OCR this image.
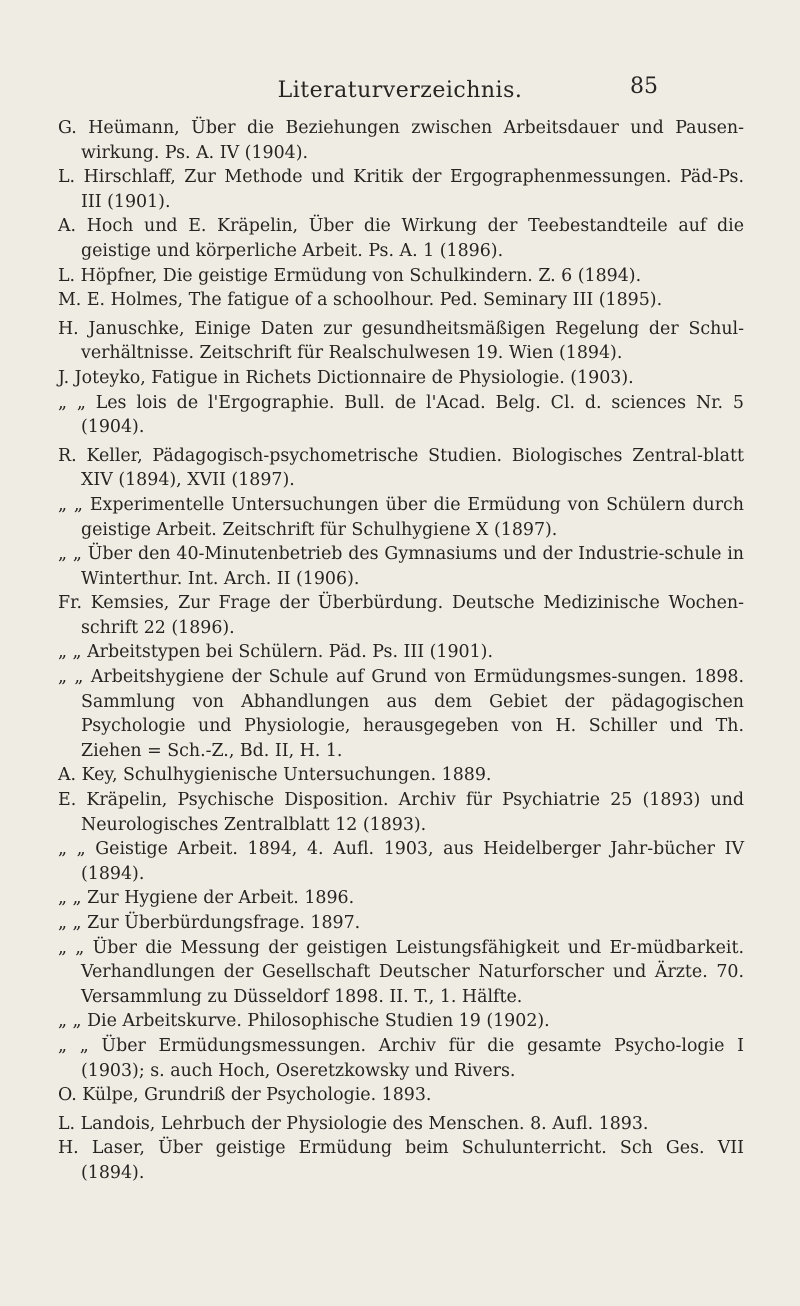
Literaturverzeichnis.	85

G. Heümann, Über die Beziehungen zwischen Arbeitsdauer und Pausen-wirkung. Ps. A. IV (1904).

L. Hirschlaff, Zur Methode und Kritik der Ergographenmessungen. Päd-Ps. III (1901).

A. Hoch und E. Kräpelin, Über die Wirkung der Teebestandteile auf die geistige und körperliche Arbeit. Ps. A. 1 (1896).

L. Höpfner, Die geistige Ermüdung von Schulkindern. Z. 6 (1894).

M. E. Holmes, The fatigue of a schoolhour. Ped. Seminary III (1895).

H. Januschke, Einige Daten zur gesundheitsmäßigen Regelung der Schul-verhältnisse. Zeitschrift für Realschulwesen 19. Wien (1894).

J. Joteyko, Fatigue in Richets Dictionnaire de Physiologie. (1903).

„ „ Les lois de l'Ergographie. Bull. de l'Acad. Belg. Cl. d. sciences Nr. 5 (1904).

R. Keller, Pädagogisch-psychometrische Studien. Biologisches Zentral-blatt XIV (1894), XVII (1897).

„ „ Experimentelle Untersuchungen über die Ermüdung von Schülern durch geistige Arbeit. Zeitschrift für Schulhygiene X (1897).

„ „ Über den 40-Minutenbetrieb des Gymnasiums und der Industrie-schule in Winterthur. Int. Arch. II (1906).

Fr. Kemsies, Zur Frage der Überbürdung. Deutsche Medizinische Wochen-schrift 22 (1896).

„ „ Arbeitstypen bei Schülern. Päd. Ps. III (1901).

„ „ Arbeitshygiene der Schule auf Grund von Ermüdungsmes-sungen. 1898. Sammlung von Abhandlungen aus dem Gebiet der pädagogischen Psychologie und Physiologie, herausgegeben von H. Schiller und Th. Ziehen = Sch.-Z., Bd. II, H. 1.

A. Key, Schulhygienische Untersuchungen. 1889.

E. Kräpelin, Psychische Disposition. Archiv für Psychiatrie 25 (1893) und Neurologisches Zentralblatt 12 (1893).

„ „ Geistige Arbeit. 1894, 4. Aufl. 1903, aus Heidelberger Jahr-bücher IV (1894).

„ „ Zur Hygiene der Arbeit. 1896.

„ „ Zur Überbürdungsfrage. 1897.

„ „ Über die Messung der geistigen Leistungsfähigkeit und Er-müdbarkeit. Verhandlungen der Gesellschaft Deutscher Naturforscher und Ärzte. 70. Versammlung zu Düsseldorf 1898. II. T., 1. Hälfte.

„ „ Die Arbeitskurve. Philosophische Studien 19 (1902).

„ „ Über Ermüdungsmessungen. Archiv für die gesamte Psycho-logie I (1903); s. auch Hoch, Oseretzkowsky und Rivers.

O. Külpe, Grundriß der Psychologie. 1893.

L. Landois, Lehrbuch der Physiologie des Menschen. 8. Aufl. 1893.

H. Laser, Über geistige Ermüdung beim Schulunterricht. Sch Ges. VII (1894).
